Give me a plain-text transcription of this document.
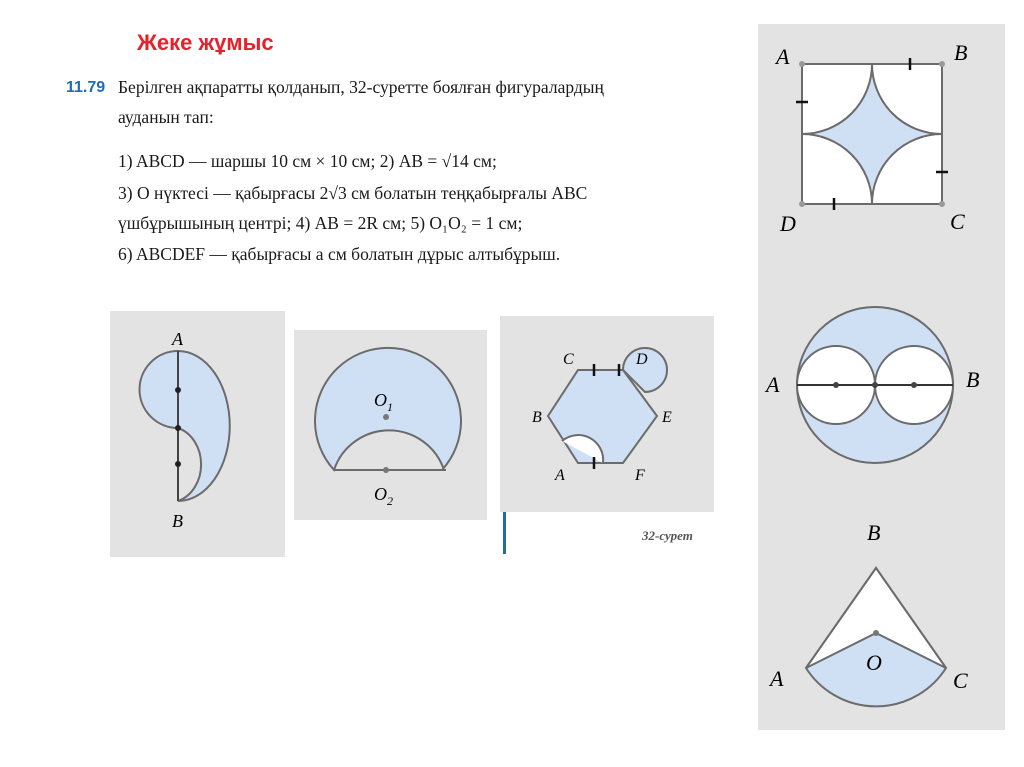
Жеке жұмыс
11.79 Берілген ақпаратты қолданып, 32-суретте боялған фигуралардың
ауданын тап:
1) ABCD — шаршы 10 см × 10 см; 2) AB = √14 см;
3) O нүктесі — қабырғасы 2√3 см болатын теңқабырғалы ABC
үшбұрышының центрі; 4) AB = 2R см; 5) O₁O₂ = 1 см;
6) ABCDEF — қабырғасы a см болатын дұрыс алтыбұрыш.
A
B
$O_1$
$O_2$
C	D
B	E
A	F
32-сурет
A	B
D	C
A	B
B
O
A	C
